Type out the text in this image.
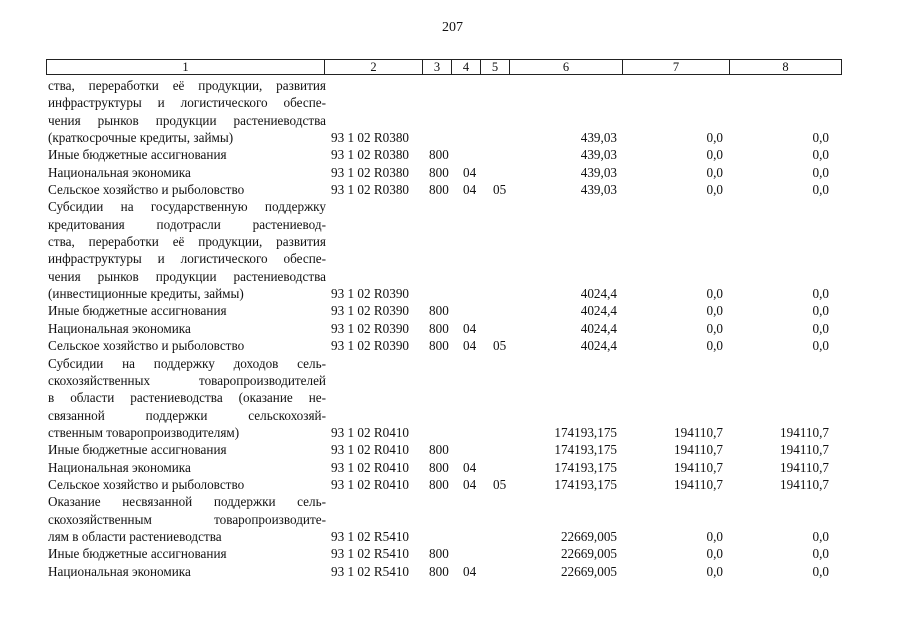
207
1	2	3	4	5	6	7	8
ства, переработки её продукции, развития
инфраструктуры и логистического обеспе-
чения рынков продукции растениеводства
(краткосрочные кредиты, займы)	93 1 02 R0380	439,03	0,0	0,0
Иные бюджетные ассигнования	93 1 02 R0380 800	439,03	0,0	0,0
Национальная экономика	93 1 02 R0380 800 04	439,03	0,0	0,0
Сельское хозяйство и рыболовство	93 1 02 R0380 800 04 05	439,03	0,0	0,0
Субсидии на государственную поддержку
кредитования подотрасли растениевод-
ства, переработки её продукции, развития
инфраструктуры и логистического обеспе-
чения рынков продукции растениеводства
(инвестиционные кредиты, займы)	93 1 02 R0390	4024,4	0,0	0,0
Иные бюджетные ассигнования	93 1 02 R0390 800	4024,4	0,0	0,0
Национальная экономика	93 1 02 R0390 800 04	4024,4	0,0	0,0
Сельское хозяйство и рыболовство	93 1 02 R0390 800 04 05	4024,4	0,0	0,0
Субсидии на поддержку доходов сель-
скохозяйственных товаропроизводителей
в области растениеводства (оказание не-
связанной поддержки сельскохозяй-
ственным товаропроизводителям)	93 1 02 R0410	174193,175	194110,7	194110,7
Иные бюджетные ассигнования	93 1 02 R0410 800	174193,175	194110,7	194110,7
Национальная экономика	93 1 02 R0410 800 04	174193,175	194110,7	194110,7
Сельское хозяйство и рыболовство	93 1 02 R0410 800 04 05	174193,175	194110,7	194110,7
Оказание несвязанной поддержки сель-
скохозяйственным товаропроизводите-
лям в области растениеводства	93 1 02 R5410	22669,005	0,0	0,0
Иные бюджетные ассигнования	93 1 02 R5410 800	22669,005	0,0	0,0
Национальная экономика	93 1 02 R5410 800 04	22669,005	0,0	0,0
